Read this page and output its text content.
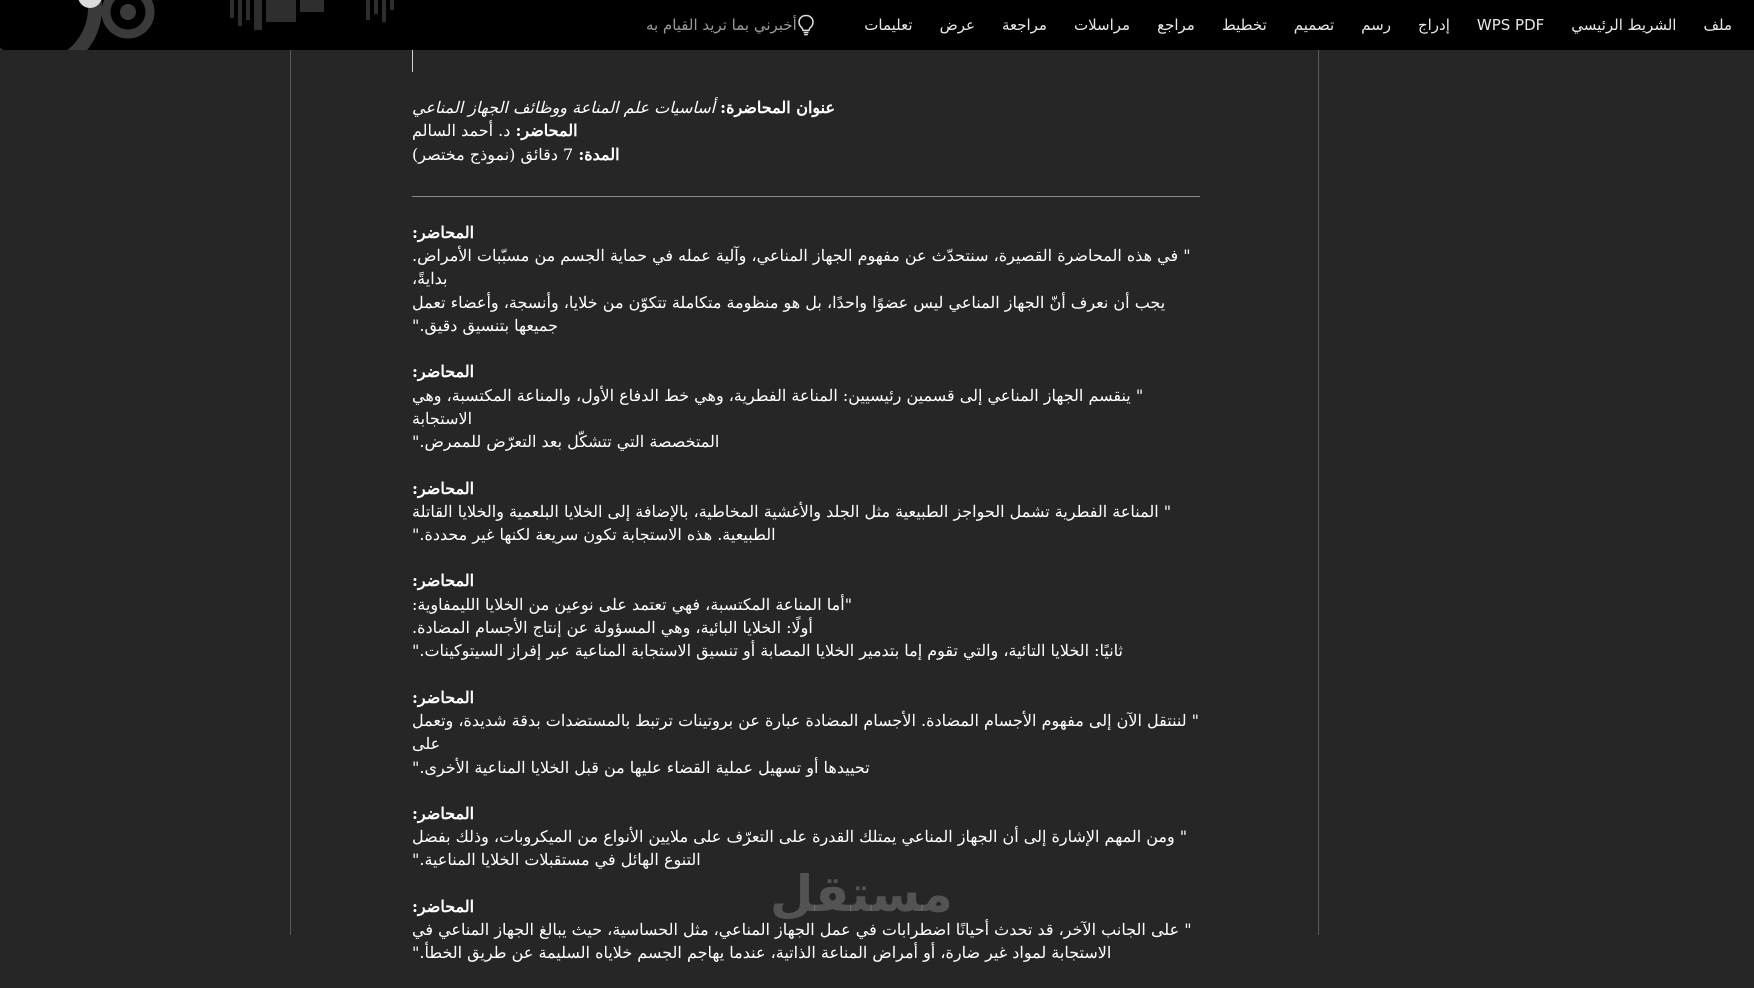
ملف
الشريط الرئيسي
WPS PDF
إدراج
رسم
تصميم
تخطيط
مراجع
مراسلات
مراجعة
عرض
تعليمات
أخبرني بما تريد القيام به

عنوان المحاضرة: أساسيات علم المناعة ووظائف الجهاز المناعي

المحاضر: د. أحمد السالم

المدة: 7 دقائق (نموذج مختصر)

المحاضر:

" في هذه المحاضرة القصيرة، سنتحدّث عن مفهوم الجهاز المناعي، وآلية عمله في حماية الجسم من مسبّبات الأمراض. بدايةً،

يجب أن نعرف أنّ الجهاز المناعي ليس عضوًا واحدًا، بل هو منظومة متكاملة تتكوّن من خلايا، وأنسجة، وأعضاء تعمل

جميعها بتنسيق دقيق."

المحاضر:

" ينقسم الجهاز المناعي إلى قسمين رئيسيين: المناعة الفطرية، وهي خط الدفاع الأول، والمناعة المكتسبة، وهي الاستجابة

المتخصصة التي تتشكّل بعد التعرّض للممرض."

المحاضر:

" المناعة الفطرية تشمل الحواجز الطبيعية مثل الجلد والأغشية المخاطية، بالإضافة إلى الخلايا البلعمية والخلايا القاتلة

الطبيعية. هذه الاستجابة تكون سريعة لكنها غير محددة."

المحاضر:

"أما المناعة المكتسبة، فهي تعتمد على نوعين من الخلايا الليمفاوية:

أولًا: الخلايا البائية، وهي المسؤولة عن إنتاج الأجسام المضادة.

ثانيًا: الخلايا التائية، والتي تقوم إما بتدمير الخلايا المصابة أو تنسيق الاستجابة المناعية عبر إفراز السيتوكينات."

المحاضر:

" لننتقل الآن إلى مفهوم الأجسام المضادة. الأجسام المضادة عبارة عن بروتينات ترتبط بالمستضدات بدقة شديدة، وتعمل على

تحييدها أو تسهيل عملية القضاء عليها من قبل الخلايا المناعية الأخرى."

المحاضر:

" ومن المهم الإشارة إلى أن الجهاز المناعي يمتلك القدرة على التعرّف على ملايين الأنواع من الميكروبات، وذلك بفضل

التنوع الهائل في مستقبلات الخلايا المناعية."

المحاضر:

" على الجانب الآخر، قد تحدث أحيانًا اضطرابات في عمل الجهاز المناعي، مثل الحساسية، حيث يبالغ الجهاز المناعي في

الاستجابة لمواد غير ضارة، أو أمراض المناعة الذاتية، عندما يهاجم الجسم خلاياه السليمة عن طريق الخطأ."

مستقل
